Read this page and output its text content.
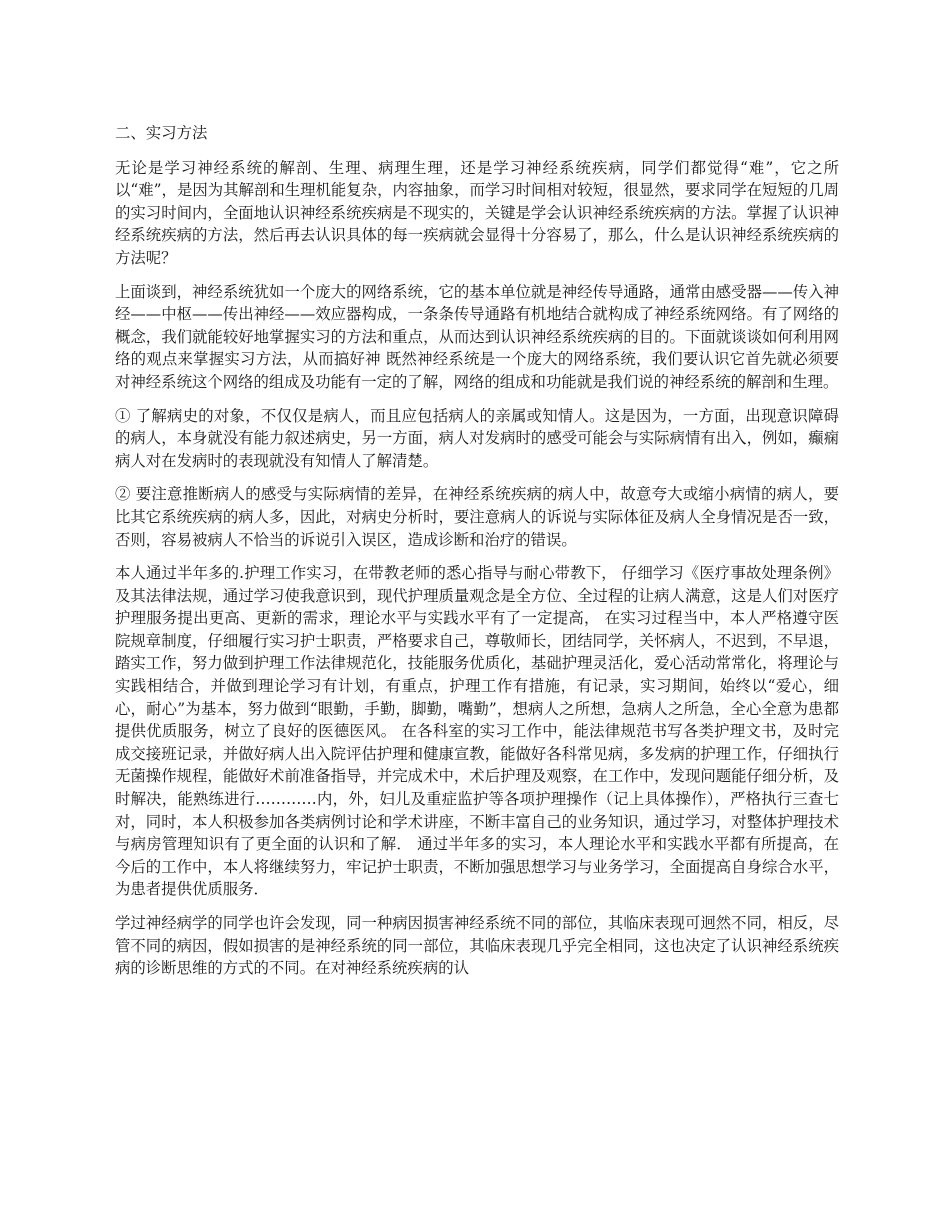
二、实习方法

无论是学习神经系统的解剖、生理、病理生理，还是学习神经系统疾病，同学们都觉得“难”，它之所以“难”，是因为其解剖和生理机能复杂，内容抽象，而学习时间相对较短，很显然，要求同学在短短的几周的实习时间内，全面地认识神经系统疾病是不现实的，关键是学会认识神经系统疾病的方法。掌握了认识神经系统疾病的方法，然后再去认识具体的每一疾病就会显得十分容易了，那么，什么是认识神经系统疾病的方法呢？

上面谈到，神经系统犹如一个庞大的网络系统，它的基本单位就是神经传导通路，通常由感受器——传入神经——中枢——传出神经——效应器构成，一条条传导通路有机地结合就构成了神经系统网络。有了网络的概念，我们就能较好地掌握实习的方法和重点，从而达到认识神经系统疾病的目的。下面就谈谈如何利用网络的观点来掌握实习方法，从而搞好神 既然神经系统是一个庞大的网络系统，我们要认识它首先就必须要对神经系统这个网络的组成及功能有一定的了解，网络的组成和功能就是我们说的神经系统的解剖和生理。

① 了解病史的对象，不仅仅是病人，而且应包括病人的亲属或知情人。这是因为，一方面，出现意识障碍的病人，本身就没有能力叙述病史，另一方面，病人对发病时的感受可能会与实际病情有出入，例如，癫痫病人对在发病时的表现就没有知情人了解清楚。

② 要注意推断病人的感受与实际病情的差异，在神经系统疾病的病人中，故意夸大或缩小病情的病人，要比其它系统疾病的病人多，因此，对病史分析时，要注意病人的诉说与实际体征及病人全身情况是否一致，否则，容易被病人不恰当的诉说引入误区，造成诊断和治疗的错误。

本人通过半年多的.护理工作实习，在带教老师的悉心指导与耐心带教下， 仔细学习《医疗事故处理条例》及其法律法规，通过学习使我意识到，现代护理质量观念是全方位、全过程的让病人满意，这是人们对医疗护理服务提出更高、更新的需求，理论水平与实践水平有了一定提高， 在实习过程当中，本人严格遵守医院规章制度，仔细履行实习护士职责，严格要求自己，尊敬师长，团结同学，关怀病人，不迟到，不早退，踏实工作，努力做到护理工作法律规范化，技能服务优质化，基础护理灵活化，爱心活动常常化，将理论与实践相结合，并做到理论学习有计划，有重点，护理工作有措施，有记录，实习期间，始终以“爱心，细心，耐心”为基本，努力做到“眼勤，手勤，脚勤，嘴勤”，想病人之所想，急病人之所急，全心全意为患都提供优质服务，树立了良好的医德医风。 在各科室的实习工作中，能法律规范书写各类护理文书，及时完成交接班记录，并做好病人出入院评估护理和健康宣教，能做好各科常见病，多发病的护理工作，仔细执行无菌操作规程，能做好术前准备指导，并完成术中，术后护理及观察，在工作中，发现问题能仔细分析，及时解决，能熟练进行…………内，外，妇儿及重症监护等各项护理操作（记上具体操作），严格执行三查七对，同时，本人积极参加各类病例讨论和学术讲座，不断丰富自己的业务知识，通过学习，对整体护理技术与病房管理知识有了更全面的认识和了解． 通过半年多的实习，本人理论水平和实践水平都有所提高，在今后的工作中，本人将继续努力，牢记护士职责，不断加强思想学习与业务学习，全面提高自身综合水平，为患者提供优质服务．

学过神经病学的同学也许会发现，同一种病因损害神经系统不同的部位，其临床表现可迥然不同，相反，尽管不同的病因，假如损害的是神经系统的同一部位，其临床表现几乎完全相同，这也决定了认识神经系统疾病的诊断思维的方式的不同。在对神经系统疾病的认
